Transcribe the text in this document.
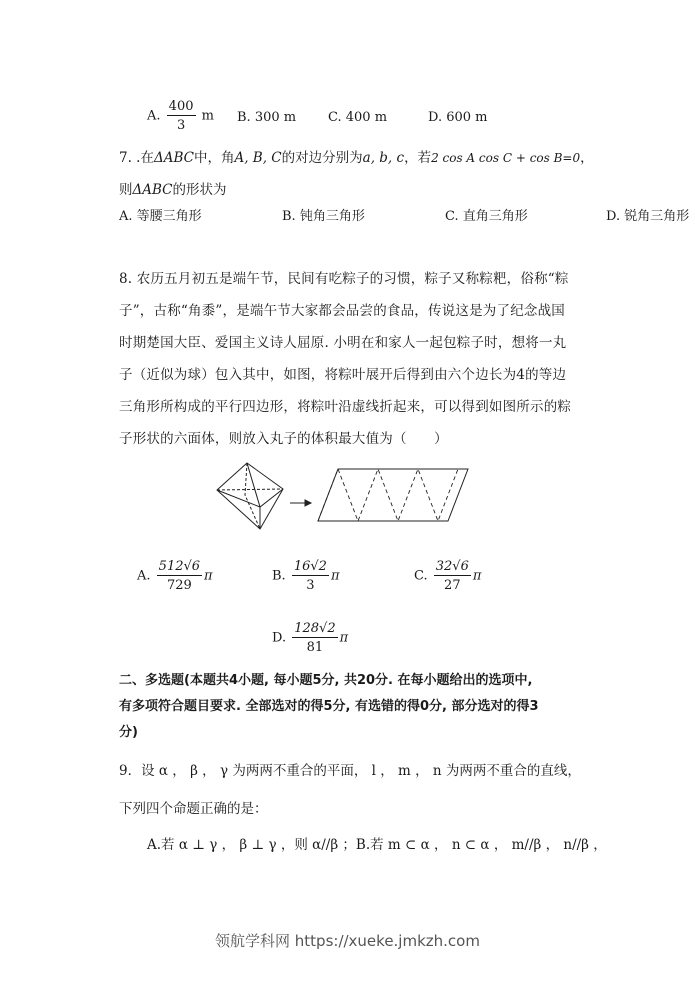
A. $\frac{400}{3}$ m B. 300 m C. 400 m	D. 600 m
7. .在ΔABC中，角A, B, C的对边分别为a, b, c，若2 cos A cos C + cos B=0，
则ΔABC的形状为
A. 等腰三角形	B. 钝角三角形	C. 直角三角形	D. 锐角三角形
8. 农历五月初五是端午节，民间有吃粽子的习惯，粽子又称粽粑，俗称“粽
子”，古称“角黍”，是端午节大家都会品尝的食品，传说这是为了纪念战国
时期楚国大臣、爱国主义诗人屈原. 小明在和家人一起包粽子时，想将一丸
子（近似为球）包入其中，如图，将粽叶展开后得到由六个边长为4的等边
三角形所构成的平行四边形，将粽叶沿虚线折起来，可以得到如图所示的粽
子形状的六面体，则放入丸子的体积最大值为（　　）
A. $\frac{512√6}{729}$ π	B. $\frac{16√2}{3}$ π	C. $\frac{32√6}{27}$ π
D. $\frac{128√2}{81}$ π
二、多选题(本题共4小题, 每小题5分, 共20分. 在每小题给出的选项中,
有多项符合题目要求. 全部选对的得5分, 有选错的得0分, 部分选对的得3
分)
9．设 α ， β ， γ 为两两不重合的平面， l ， m ， n 为两两不重合的直线，
下列四个命题正确的是：
A.若 α ⊥ γ ， β ⊥ γ ，则 α//β ；B.若 m ⊂ α ， n ⊂ α ， m//β ， n//β ，
领航学科网 https://xueke.jmkzh.com
